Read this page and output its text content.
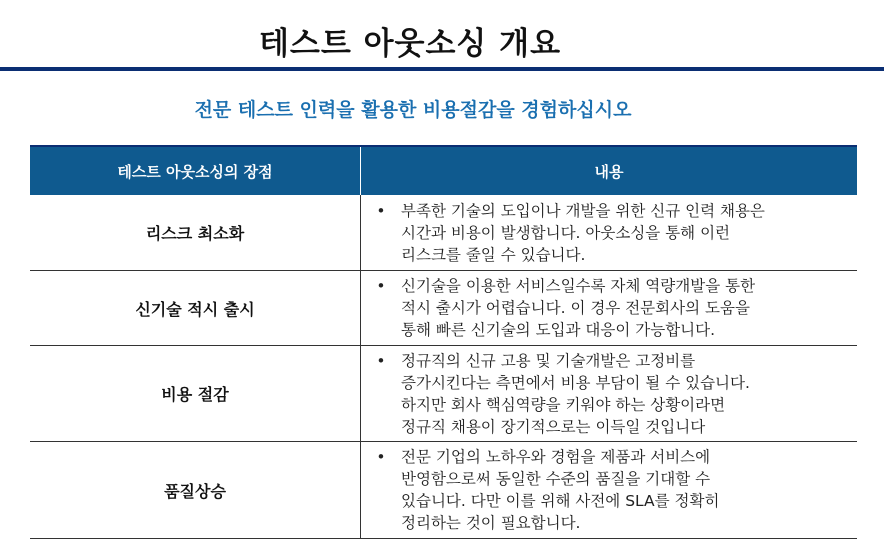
테스트 아웃소싱 개요
전문 테스트 인력을 활용한 비용절감을 경험하십시오
테스트 아웃소싱의 장점	내용
리스크 최소화	• 부족한 기술의 도입이나 개발을 위한 신규 인력 채용은
시간과 비용이 발생합니다. 아웃소싱을 통해 이런
리스크를 줄일 수 있습니다.

신기술 적시 출시	• 신기술을 이용한 서비스일수록 자체 역량개발을 통한
적시 출시가 어렵습니다. 이 경우 전문회사의 도움을
통해 빠른 신기술의 도입과 대응이 가능합니다.

비용 절감	• 정규직의 신규 고용 및 기술개발은 고정비를
증가시킨다는 측면에서 비용 부담이 될 수 있습니다.
하지만 회사 핵심역량을 키워야 하는 상황이라면
정규직 채용이 장기적으로는 이득일 것입니다

품질상승	• 전문 기업의 노하우와 경험을 제품과 서비스에
반영함으로써 동일한 수준의 품질을 기대할 수
있습니다. 다만 이를 위해 사전에 SLA를 정확히
정리하는 것이 필요합니다.
